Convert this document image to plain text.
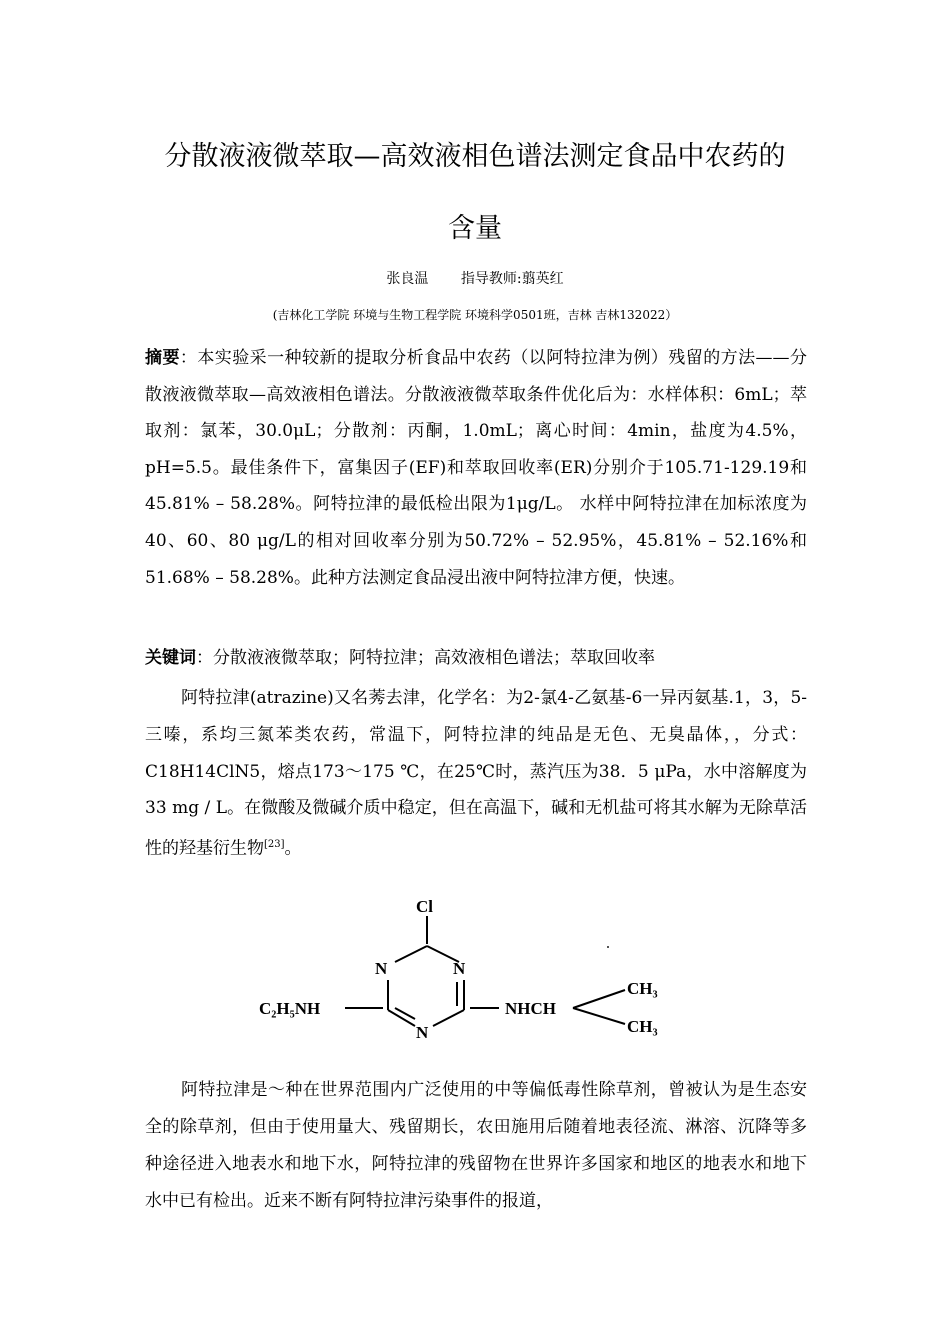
分散液液微萃取—高效液相色谱法测定食品中农药的
含量
张良温 指导教师:翦英红
(吉林化工学院 环境与生物工程学院 环境科学0501班，吉林 吉林132022）

摘要：本实验采一种较新的提取分析食品中农药（以阿特拉津为例）残留的方法——分散液液微萃取—高效液相色谱法。分散液液微萃取条件优化后为：水样体积：6mL；萃取剂：氯苯，30.0μL；分散剂：丙酮，1.0mL；离心时间：4min，盐度为4.5%，pH=5.5。最佳条件下，富集因子(EF)和萃取回收率(ER)分别介于105.71-129.19和45.81% – 58.28%。阿特拉津的最低检出限为1μg/L。 水样中阿特拉津在加标浓度为40、60、80 μg/L的相对回收率分别为50.72% – 52.95%，45.81% – 52.16%和51.68% – 58.28%。此种方法测定食品浸出液中阿特拉津方便，快速。

关键词：分散液液微萃取；阿特拉津；高效液相色谱法；萃取回收率

阿特拉津(atrazine)又名莠去津，化学名：为2-氯4-乙氨基-6一异丙氨基.1，3，5-三嗪，系均三氮苯类农药，常温下，阿特拉津的纯品是无色、无臭晶体，，分式：C18H14ClN5，熔点173～175 ℃，在25℃时，蒸汽压为38．5 μPa，水中溶解度为33 mg / L。在微酸及微碱介质中稳定，但在高温下，碱和无机盐可将其水解为无除草活性的羟基衍生物[23]。

Cl
N	N
N
C₂H₅NH	NHCH
CH₃
CH₃

阿特拉津是～种在世界范围内广泛使用的中等偏低毒性除草剂，曾被认为是生态安全的除草剂，但由于使用量大、残留期长，农田施用后随着地表径流、淋溶、沉降等多种途径进入地表水和地下水，阿特拉津的残留物在世界许多国家和地区的地表水和地下水中已有检出。近来不断有阿特拉津污染事件的报道，
